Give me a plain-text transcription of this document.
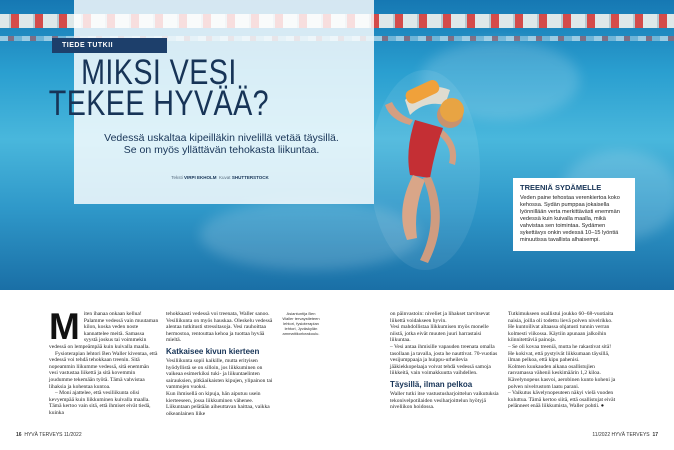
TIEDE TUTKII
MIKSI VESI TEKEE HYVÄÄ?
Vedessä uskaltaa kipeilläkin nivelillä vetää täysillä. Se on myös yllättävän tehokasta liikuntaa.
Teksti VIRPI EKHOLM Kuvat SHUTTERSTOCK

TREENIÄ SYDÄMELLE

Veden paine tehostaa verenkiertoa koko kehossa. Sydän pumppaa jokaisella lyönnillään verta merkittävästi enemmän vedessä kuin kuivalla maalla, mikä vahvistaa sen toimintaa. Sydämen sykettävys onkin vedessä 10–15 lyöntiä minuutissa tavallista alhaisempi.

M iten ihanaa onkaan kellua! Palamme vedessä vain muutaman kilon, koska veden noste kannattelee meitä. Samassa syystä joskus tai voimmekin vedessä on lempeämpää kuin kuivalla maalla.

Fysioterapian lehtori Ben Waller kiventaa, että vedessä voi tehdä tehokkaan treenin. Sitä nopeammin liikumme vedessä, sitä enemmän vesi vastustaa liikettä ja sitä kovemmin joudumme tekemään työtä. Tämä vahvistaa lihaksia ja kohentaa kuntoa.

– Moni ajattelee, että vesiliikunta olisi kevyempää kuin liikkuminen kuivalla maalla. Tämä kertoo vain sitä, että ihmiset eivät tiedä, kuinka

tehokkaasti vedessä voi treenata, Waller sanoo.
Vesiliikunta on myös hauskaa. Oleskelu vedessä alentaa tutkitusti stressitasoja. Vesi rauhoittaa hermostoa, rentouttaa kehoa ja tuottaa hyvää mieltä.

Katkaisee kivun kierteen

Vesiliikunta sopii kaikille, mutta erityisen hyödyllistä se on silloin, jos liikkuminen on vaikeaa esimerkiksi tuki- ja liikuntaelinten sairauksien, pitkäaikaisten kipujen, ylipainon tai vammojen vuoksi.
Kun ihmisellä on kipuja, hän aiputuu usein kierteeseen, jossa liikkuminen vähenee. Liikuntaan pelätään aiheuttavan haittaa, vaikka oikeanlainen liike

Asiantuntija Ben Waller tervaystieteen lehtori, fysioterapian lehtori, Jyväskylän ammattikorkeakoulu.

on päinvastoin: niveliet ja lihakset tarvitsevat liikettä voidakseen hyvin.
Vesi mahdollistaa liikkumisen myös monelle niistä, jotka eivät muuten juuri harrastaisi liikuntaa.
– Vesi antaa ihmisille vapauden treenata omalla tasollaan ja tavalla, josta he nauttivat. 70-vuotias vesijumppaaja ja huippu-urheilevia jääkiekkopelaaja voivat tehdä vedessä samoja liikkeitä, vain voimakkuutta vaihdellen.

Täysillä, ilman pelkoa

Waller tutki itse vastustusharjoittelun vaikutuksia tekonivelpotilaiden vesiharjoittelun hyötyjä niveliikon hoidossa.

Tutkimukseen osallistui joukko 60–68-vuotiaita naisia, joilla oli todettu lievä polven nivelrikko. He kuntoilivat altaassa ohjatusti tunnin verran kolmesti viikossa. Käytiin apunaan jalkoihin kiinnitettäviä painoja.
– Se oli kovaa treeniä, mutta he rakastivat sitä! He kokivat, että pystyivät liikkumaan täysillä, ilman pelkoa, että kipu pahenisi.
Kolmen kuukauden aikana osallistujien rasvamassa vähenii keskimäärin 1,2 kiloa. Kävelynopeus kasvoi, aerobinen kunto koheni ja polven nivelrustom laatu parani.
– Vaikutus kävelynopeuteen näkyi vielä vuoden kuluttua. Tämä kertoo siitä, että osallistujat eivät pelänneet enää liikkumista, Waller pohtii. ●

16 HYVÄ TERVEYS 11/2022	11/2022 HYVÄ TERVEYS 17
